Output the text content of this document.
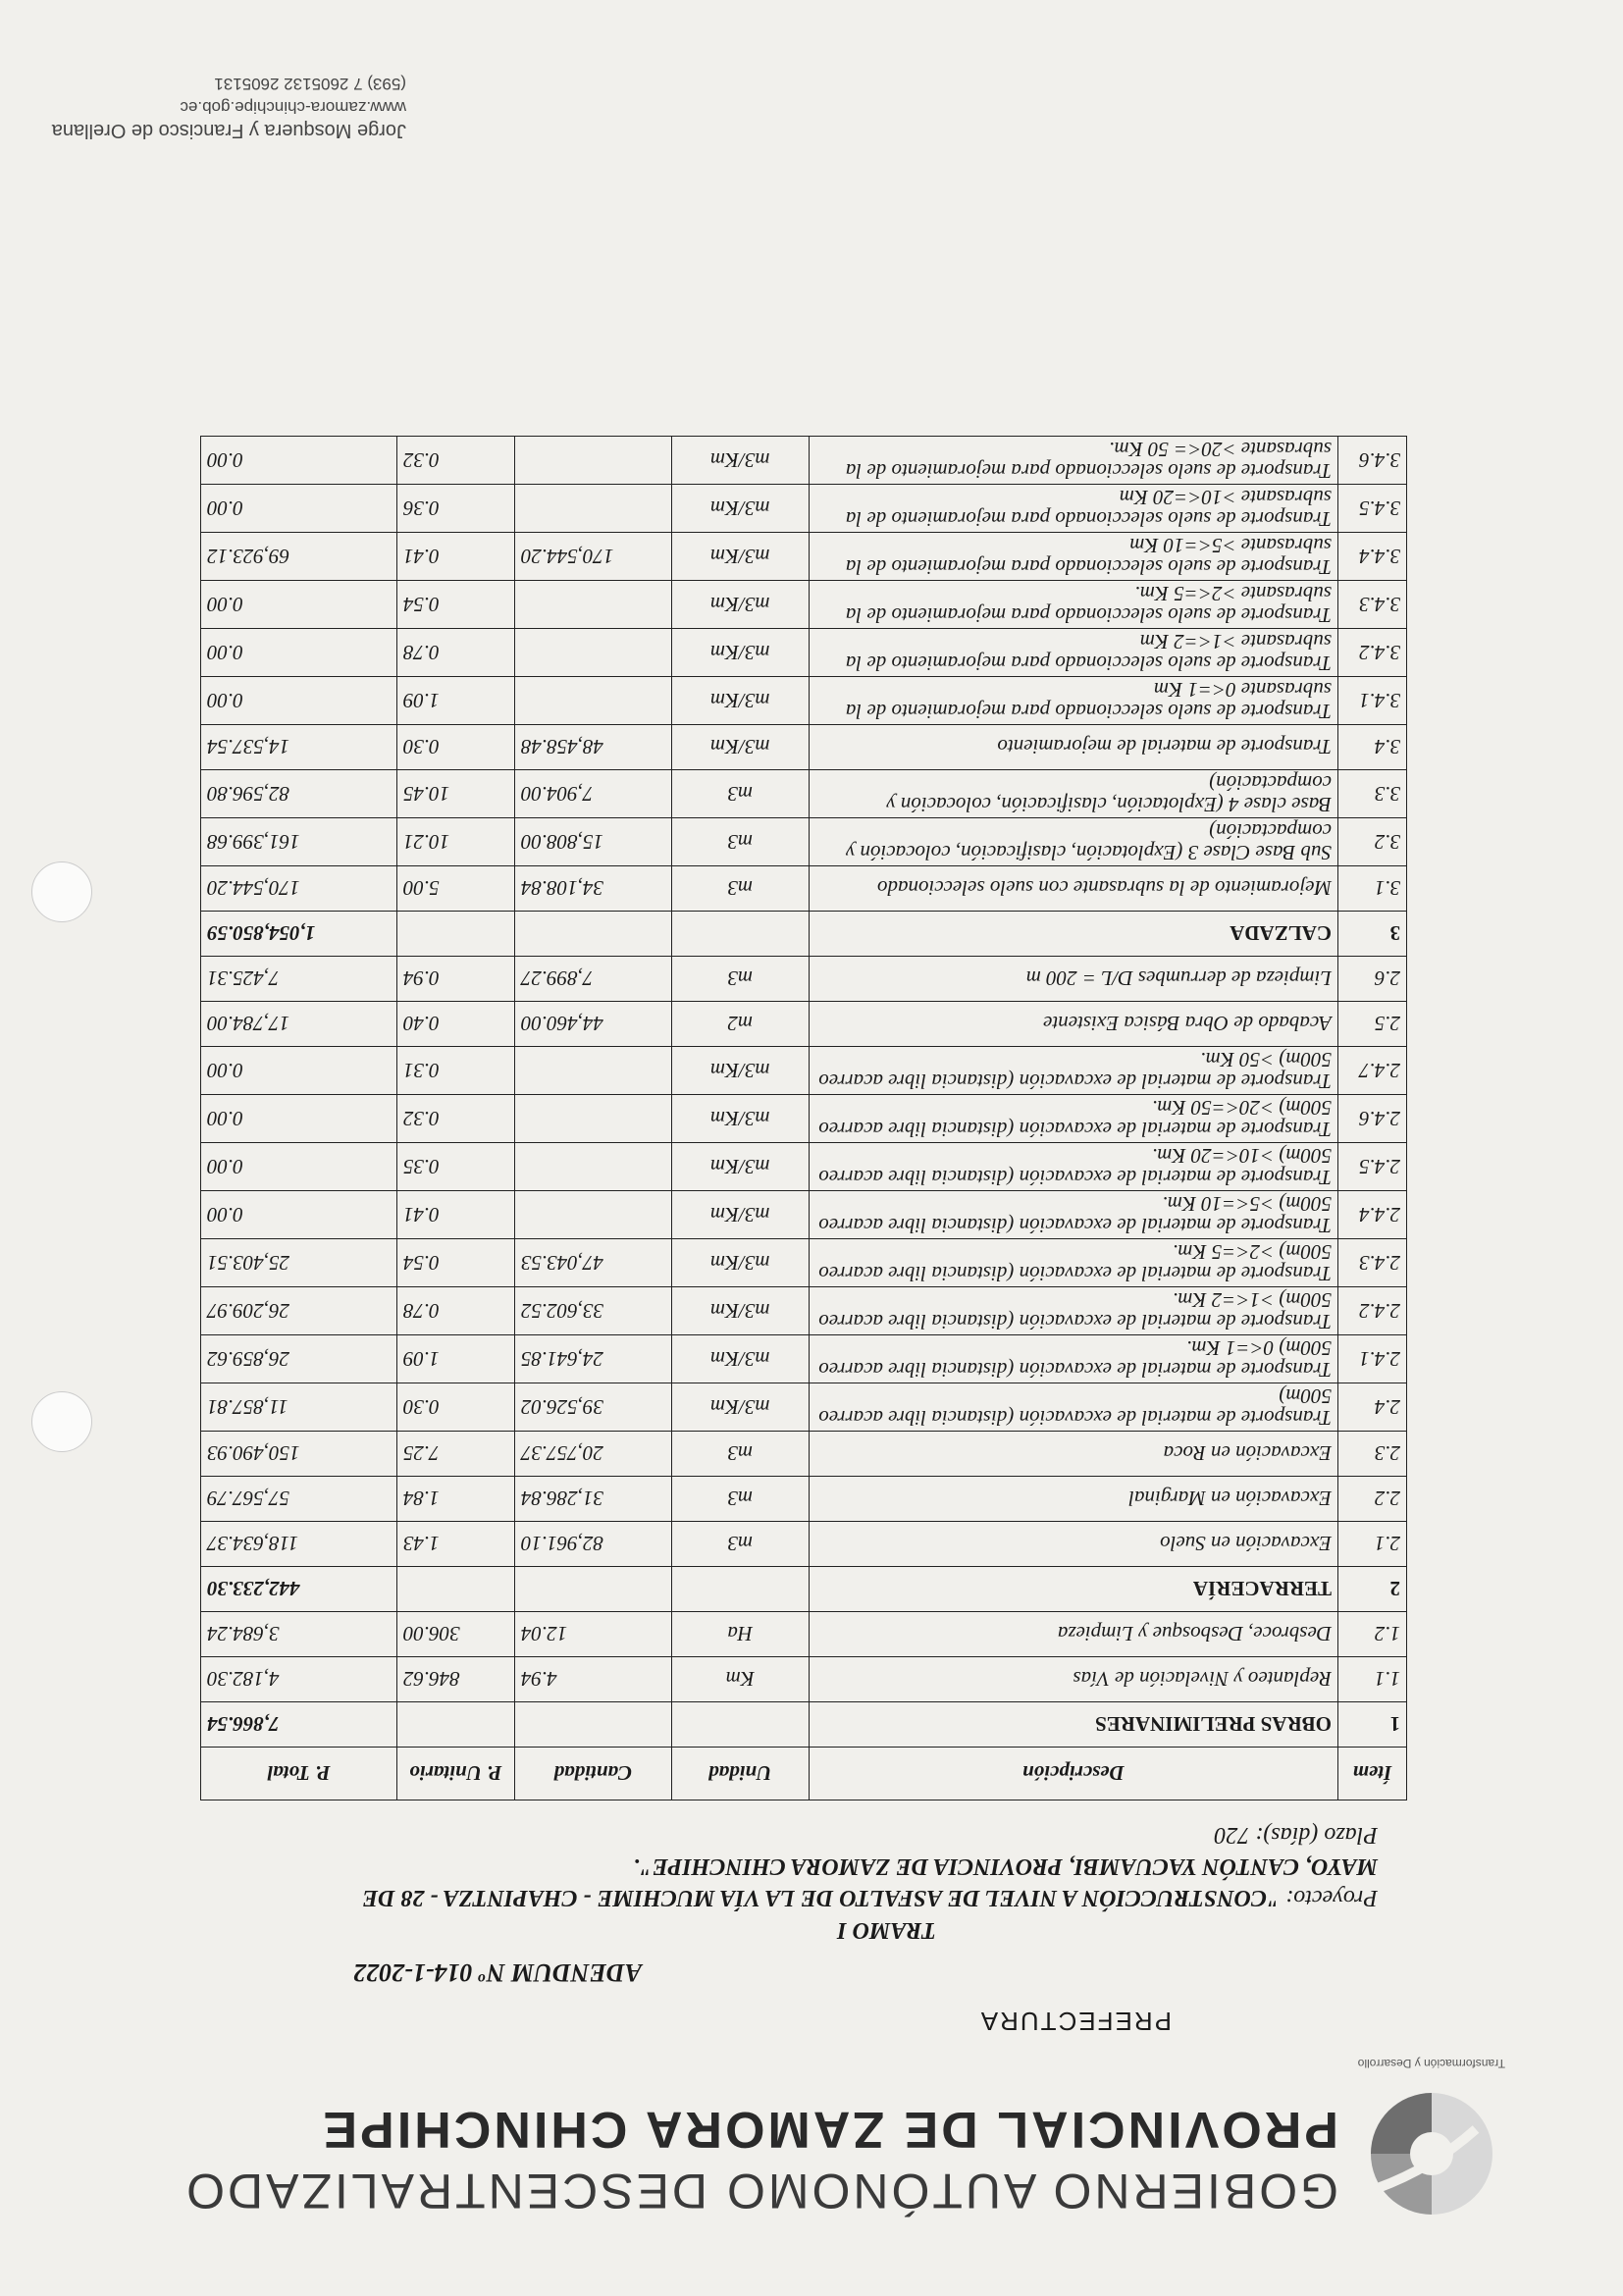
GOBIERNO AUTÓNOMO DESCENTRALIZADO
PROVINCIAL DE ZAMORA CHINCHIPE
Transformación y Desarrollo
PREFECTURA
ADENDUM Nº 014-1-2022
TRAMO I
Proyecto: "CONSTRUCCIÓN A NIVEL DE ASFALTO DE LA VÍA MUCHIME - CHAPINTZA - 28 DE MAYO, CANTÓN YACUAMBI, PROVINCIA DE ZAMORA CHINCHIPE".
Plazo (días): 720
Ítem	Descripción	Unidad	Cantidad	P. Unitario	P. Total
1	OBRAS PRELIMINARES				7,866.54
1.1	Replanteo y Nivelación de Vías	Km	4.94	846.62	4,182.30
1.2	Desbroce, Desbosque y Limpieza	Ha	12.04	306.00	3,684.24
2	TERRACERÍA				442,233.30
2.1	Excavación en Suelo	m3	82,961.10	1.43	118,634.37
2.2	Excavación en Marginal	m3	31,286.84	1.84	57,567.79
2.3	Excavación en Roca	m3	20,757.37	7.25	150,490.93
2.4	Transporte de material de excavación (distancia libre acarreo 500m)	m3/Km	39,526.02	0.30	11,857.81
2.4.1	Transporte de material de excavación (distancia libre acarreo 500m) 0<=1 Km.	m3/Km	24,641.85	1.09	26,859.62
2.4.2	Transporte de material de excavación (distancia libre acarreo 500m) >1<=2 Km.	m3/Km	33,602.52	0.78	26,209.97
2.4.3	Transporte de material de excavación (distancia libre acarreo 500m) >2<=5 Km.	m3/Km	47,043.53	0.54	25,403.51
2.4.4	Transporte de material de excavación (distancia libre acarreo 500m) >5<=10 Km.	m3/Km		0.41	0.00
2.4.5	Transporte de material de excavación (distancia libre acarreo 500m) >10<=20 Km.	m3/Km		0.35	0.00
2.4.6	Transporte de material de excavación (distancia libre acarreo 500m) >20<=50 Km.	m3/Km		0.32	0.00
2.4.7	Transporte de material de excavación (distancia libre acarreo 500m) >50 Km.	m3/Km		0.31	0.00
2.5	Acabado de Obra Básica Existente	m2	44,460.00	0.40	17,784.00
2.6	Limpieza de derrumbes D/L = 200 m	m3	7,899.27	0.94	7,425.31
3	CALZADA				1,054,850.59
3.1	Mejoramiento de la subrasante con suelo seleccionado	m3	34,108.84	5.00	170,544.20
3.2	Sub Base Clase 3 (Explotación, clasificación, colocación y compactación)	m3	15,808.00	10.21	161,399.68
3.3	Base clase 4 (Explotación, clasificación, colocación y compactación)	m3	7,904.00	10.45	82,596.80
3.4	Transporte de material de mejoramiento	m3/Km	48,458.48	0.30	14,537.54
3.4.1	Transporte de suelo seleccionado para mejoramiento de la subrasante 0<=1 Km	m3/Km		1.09	0.00
3.4.2	Transporte de suelo seleccionado para mejoramiento de la subrasante >1<=2 Km	m3/Km		0.78	0.00
3.4.3	Transporte de suelo seleccionado para mejoramiento de la subrasante >2<=5 Km.	m3/Km		0.54	0.00
3.4.4	Transporte de suelo seleccionado para mejoramiento de la subrasante >5<=10 Km	m3/Km	170,544.20	0.41	69,923.12
3.4.5	Transporte de suelo seleccionado para mejoramiento de la subrasante >10<=20 Km	m3/Km		0.36	0.00
3.4.6	Transporte de suelo seleccionado para mejoramiento de la subrasante >20<= 50 Km.	m3/Km		0.32	0.00
Jorge Mosquera y Francisco de Orellana
www.zamora-chinchipe.gob.ec
(593) 7 2605132 2605131
